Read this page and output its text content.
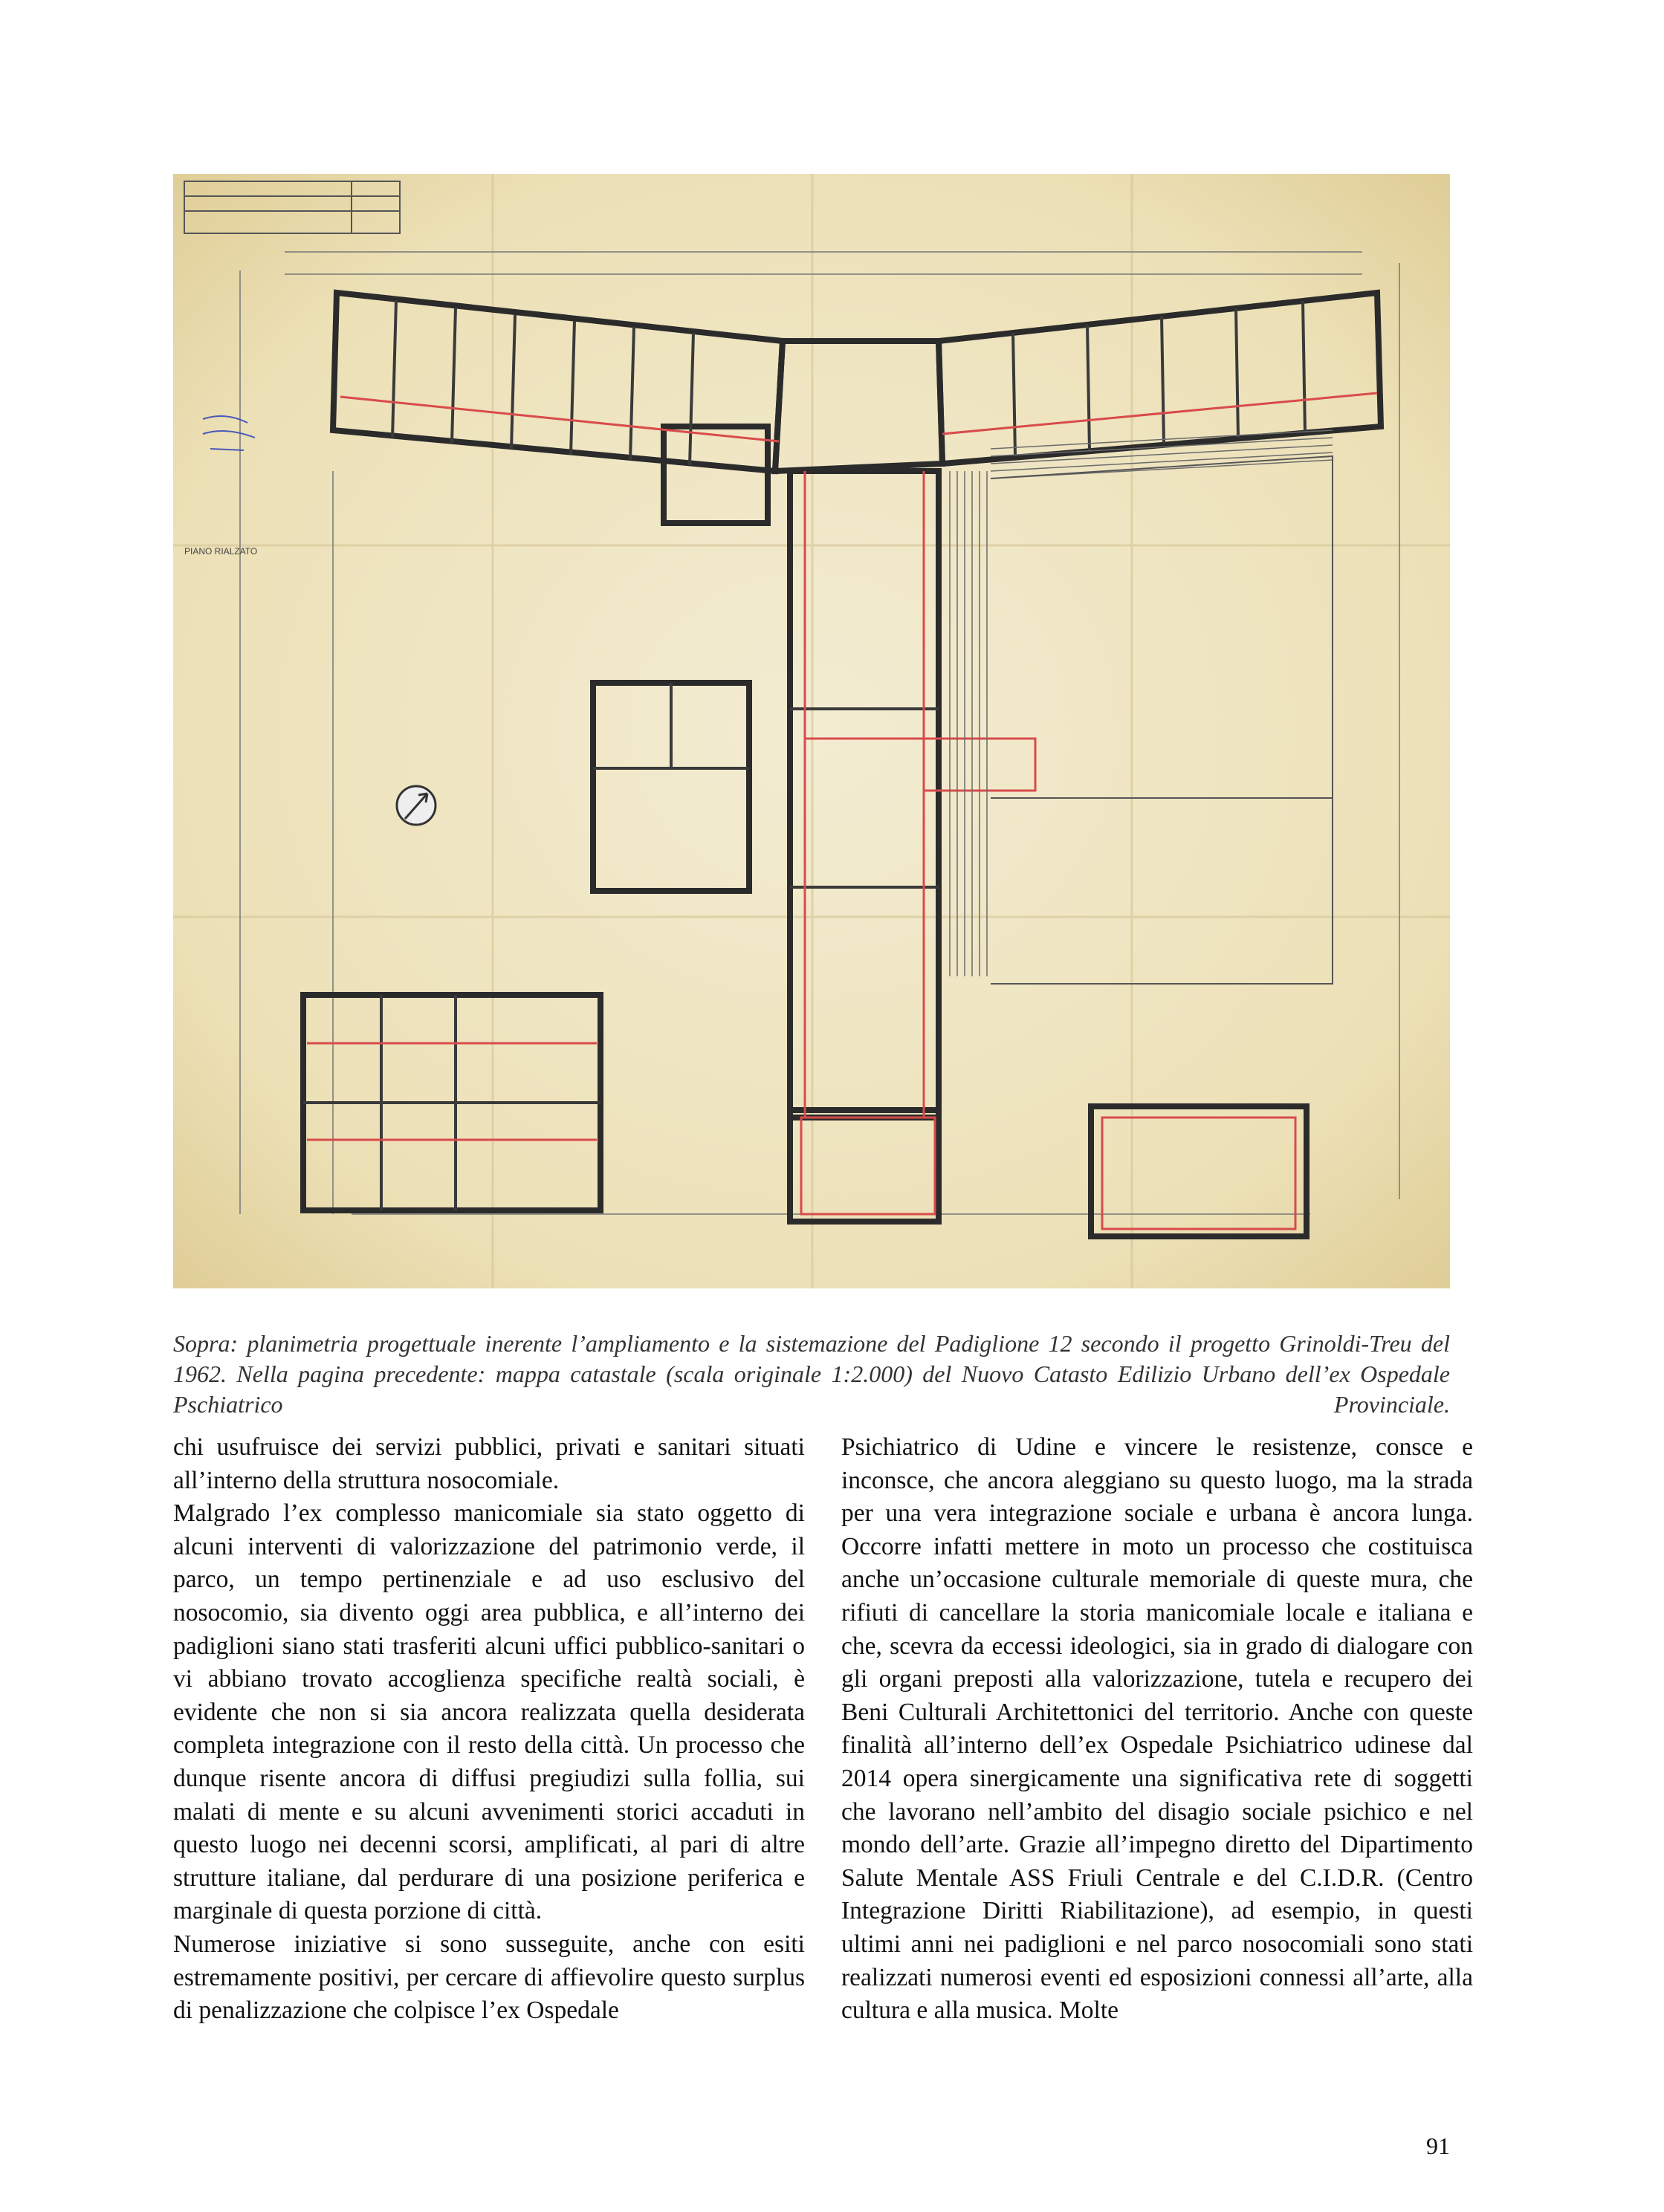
PIANO RIALZATO

Sopra: planimetria progettuale inerente l’ampliamento e la sistemazione del Padiglione 12 secondo il progetto Grinoldi-Treu del 1962. Nella pagina precedente: mappa catastale (scala originale 1:2.000) del Nuovo Catasto Edilizio Urbano dell’ex Ospedale Pschiatrico Provinciale.

chi usufruisce dei servizi pubblici, privati e sanitari situati all’interno della struttura nosocomiale.

Malgrado l’ex complesso manicomiale sia stato oggetto di alcuni interventi di valorizzazione del patrimonio verde, il parco, un tempo pertinenziale e ad uso esclusivo del nosocomio, sia divento oggi area pubblica, e all’interno dei padiglioni siano stati trasferiti alcuni uffici pubblico-sanitari o vi abbiano trovato accoglienza specifiche realtà sociali, è evidente che non si sia ancora realizzata quella desiderata completa integrazione con il resto della città. Un processo che dunque risente ancora di diffusi pregiudizi sulla follia, sui malati di mente e su alcuni avvenimenti storici accaduti in questo luogo nei decenni scorsi, amplificati, al pari di altre strutture italiane, dal perdurare di una posizione periferica e marginale di questa porzione di città.

Numerose iniziative si sono susseguite, anche con esiti estremamente positivi, per cercare di affievolire questo surplus di penalizzazione che colpisce l’ex Ospedale

Psichiatrico di Udine e vincere le resistenze, consce e inconsce, che ancora aleggiano su questo luogo, ma la strada per una vera integrazione sociale e urbana è ancora lunga. Occorre infatti mettere in moto un processo che costituisca anche un’occasione culturale memoriale di queste mura, che rifiuti di cancellare la storia manicomiale locale e italiana e che, scevra da eccessi ideologici, sia in grado di dialogare con gli organi preposti alla valorizzazione, tutela e recupero dei Beni Culturali Architettonici del territorio. Anche con queste finalità all’interno dell’ex Ospedale Psichiatrico udinese dal 2014 opera sinergicamente una significativa rete di soggetti che lavorano nell’ambito del disagio sociale psichico e nel mondo dell’arte. Grazie all’impegno diretto del Dipartimento Salute Mentale ASS Friuli Centrale e del C.I.D.R. (Centro Integrazione Diritti Riabilitazione), ad esempio, in questi ultimi anni nei padiglioni e nel parco nosocomiali sono stati realizzati numerosi eventi ed esposizioni connessi all’arte, alla cultura e alla musica. Molte

91
